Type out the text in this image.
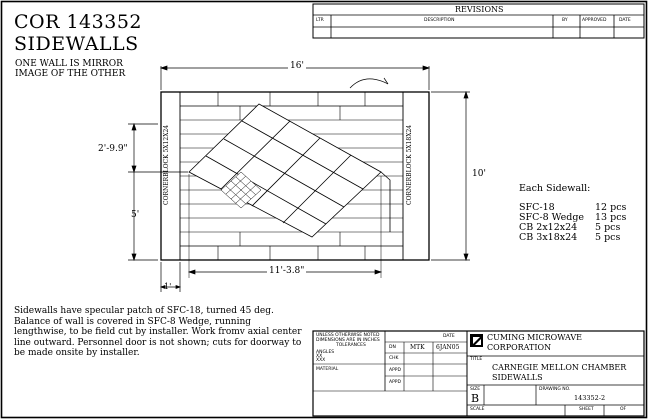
COR 143352
SIDEWALLS
ONE WALL IS MIRROR
IMAGE OF THE OTHER
REVISIONS
LTR	DESCRIPTION	BY	APPROVED	DATE
16'
10'
2'-9.9"
5'
11'-3.8"
1'
CORNERBLOCK 5X12X24	CORNERBLOCK 5X18X24	Each Sidewall:
SFC-18	12 pcs
SFC-8 Wedge 13 pcs
CB 2x12x24 5 pcs
CB 3x18x24 5 pcs
Sidewalls have specular patch of SFC-18, turned 45 deg. Balance of wall is covered in SFC-8 Wedge, running lengthwise, to be field cut by installer. Work fromv axial center line outward. Personnel door is not shown; cuts for doorway to be made onsite by installer.
UNLESS OTHERWISE NOTED
DIMENSIONS ARE IN INCHES
TOLERANCES
ANGLES
XX
XXX
MATERIAL
DATE
DN MTK 6JAN05
CHK
APPD
APPD
CUMING MICROWAVE
CORPORATION
TITLE
CARNEGIE MELLON CHAMBER
SIDEWALLS
SIZE
B
DRAWING NO.
143352-2
SCALE	SHEET	OF
